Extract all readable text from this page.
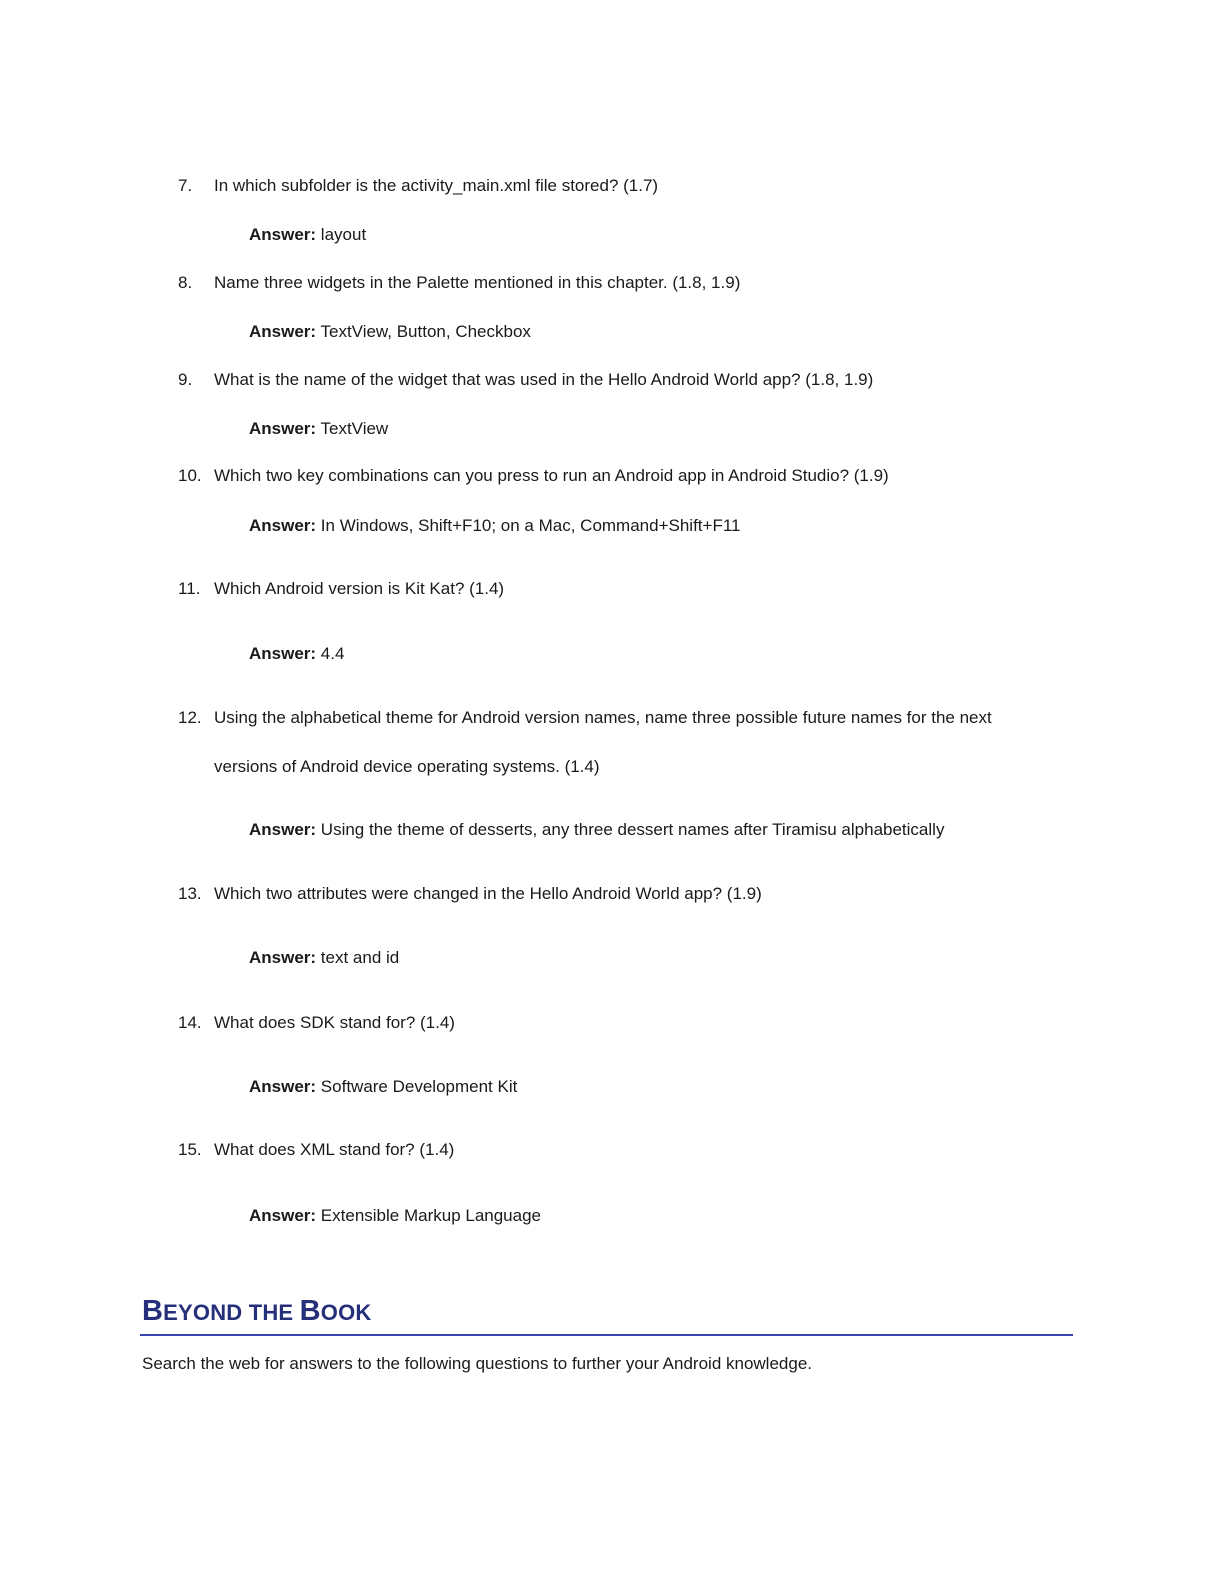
7.	In which subfolder is the activity_main.xml file stored? (1.7)
Answer: layout
8.	Name three widgets in the Palette mentioned in this chapter. (1.8, 1.9)
Answer: TextView, Button, Checkbox
9.	What is the name of the widget that was used in the Hello Android World app? (1.8, 1.9)
Answer: TextView
10. Which two key combinations can you press to run an Android app in Android Studio? (1.9)
Answer: In Windows, Shift+F10; on a Mac, Command+Shift+F11
11. Which Android version is Kit Kat? (1.4)
Answer: 4.4
12. Using the alphabetical theme for Android version names, name three possible future names for the next
versions of Android device operating systems. (1.4)
Answer: Using the theme of desserts, any three dessert names after Tiramisu alphabetically
13. Which two attributes were changed in the Hello Android World app? (1.9)
Answer: text and id
14. What does SDK stand for? (1.4)
Answer: Software Development Kit
15. What does XML stand for? (1.4)
Answer: Extensible Markup Language
BEYOND THE BOOK
Search the web for answers to the following questions to further your Android knowledge.
